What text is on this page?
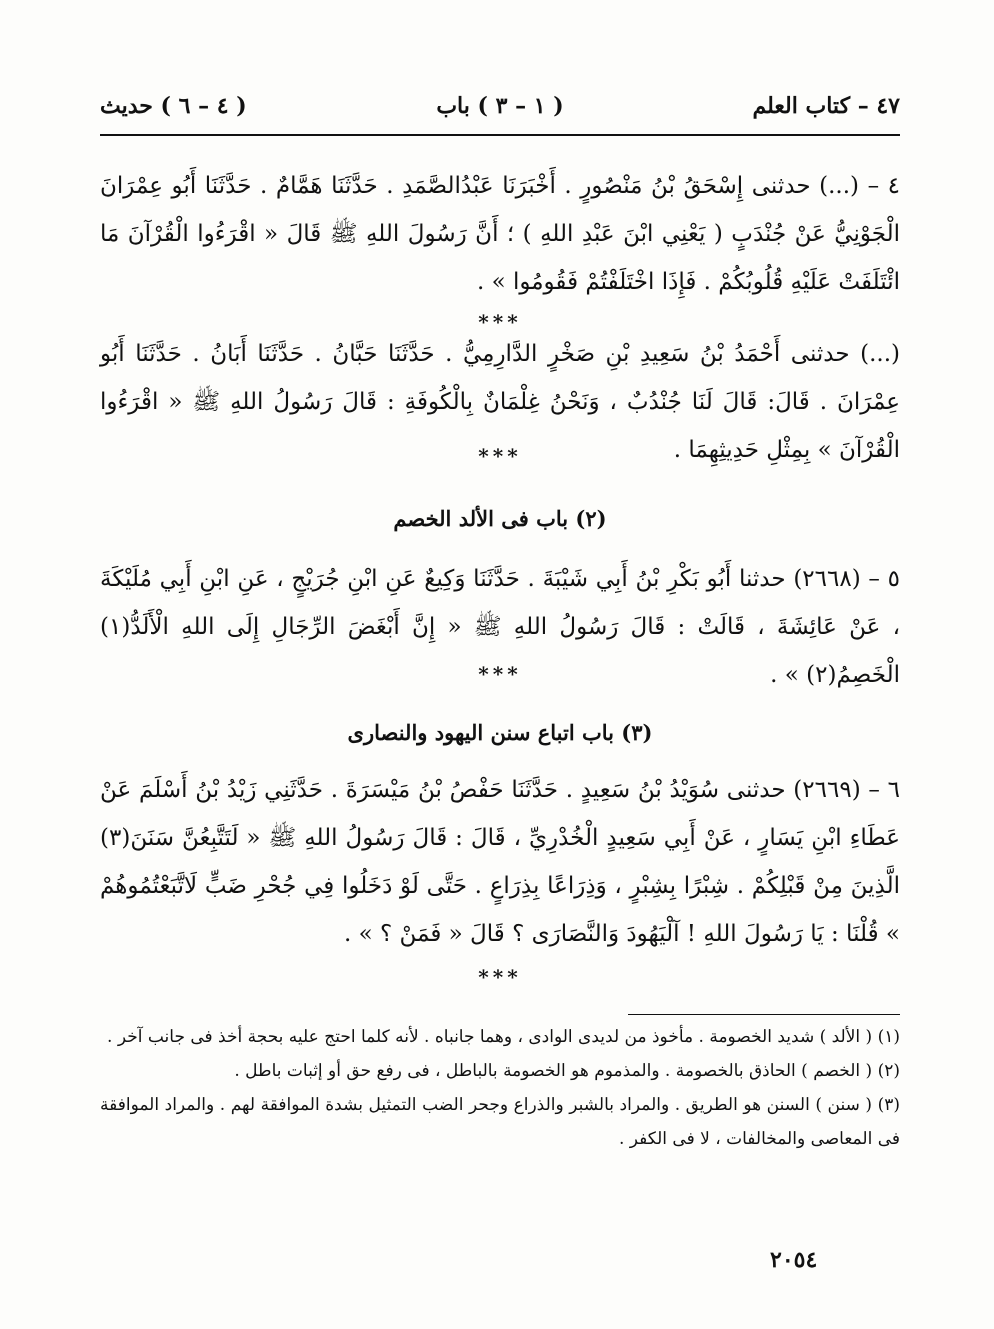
٤٧ – كتاب العلم
( ١ – ٣ ) باب
( ٤ – ٦ ) حديث
٤ – (...) حدثنى إِسْحَقُ بْنُ مَنْصُورٍ . أَخْبَرَنَا عَبْدُالصَّمَدِ . حَدَّثَنَا هَمَّامٌ . حَدَّثَنَا أَبُو عِمْرَانَ الْجَوْنِيُّ عَنْ جُنْدَبٍ ( يَعْنِي ابْنَ عَبْدِ اللهِ ) ؛ أَنَّ رَسُولَ اللهِ ﷺ قَالَ « اقْرَءُوا الْقُرْآنَ مَا ائْتَلَفَتْ عَلَيْهِ قُلُوبُكُمْ . فَإِذَا اخْتَلَفْتُمْ فَقُومُوا » .
***
(...) حدثنى أَحْمَدُ بْنُ سَعِيدِ بْنِ صَخْرٍ الدَّارِمِيُّ . حَدَّثَنَا حَبَّانُ . حَدَّثَنَا أَبَانُ . حَدَّثَنَا أَبُو عِمْرَانَ . قَالَ: قَالَ لَنَا جُنْدُبٌ ، وَنَحْنُ غِلْمَانٌ بِالْكُوفَةِ : قَالَ رَسُولُ اللهِ ﷺ « اقْرَءُوا الْقُرْآنَ » بِمِثْلِ حَدِيثِهِمَا .
***
(٢) باب فى الألد الخصم
٥ – (٢٦٦٨) حدثنا أَبُو بَكْرِ بْنُ أَبِي شَيْبَةَ . حَدَّثَنَا وَكِيعٌ عَنِ ابْنِ جُرَيْجٍ ، عَنِ ابْنِ أَبِي مُلَيْكَةَ ، عَنْ عَائِشَةَ ، قَالَتْ : قَالَ رَسُولُ اللهِ ﷺ « إِنَّ أَبْغَضَ الرِّجَالِ إِلَى اللهِ الْأَلَدُّ(١) الْخَصِمُ(٢) » .
***
(٣) باب اتباع سنن اليهود والنصارى
٦ – (٢٦٦٩) حدثنى سُوَيْدُ بْنُ سَعِيدٍ . حَدَّثَنَا حَفْصُ بْنُ مَيْسَرَةَ . حَدَّثَنِي زَيْدُ بْنُ أَسْلَمَ عَنْ عَطَاءِ ابْنِ يَسَارٍ ، عَنْ أَبِي سَعِيدٍ الْخُدْرِيِّ ، قَالَ : قَالَ رَسُولُ اللهِ ﷺ « لَتَتَّبِعُنَّ سَنَنَ(٣) الَّذِينَ مِنْ قَبْلِكُمْ . شِبْرًا بِشِبْرٍ ، وَذِرَاعًا بِذِرَاعٍ . حَتَّى لَوْ دَخَلُوا فِي جُحْرِ ضَبٍّ لَاتَّبَعْتُمُوهُمْ » قُلْنَا : يَا رَسُولَ اللهِ ! آلْيَهُودَ وَالنَّصَارَى ؟ قَالَ « فَمَنْ ؟ » .
***

(١) ( الألد ) شديد الخصومة . مأخوذ من لديدى الوادى ، وهما جانباه . لأنه كلما احتج عليه بحجة أخذ فى جانب آخر .

(٢) ( الخصم ) الحاذق بالخصومة . والمذموم هو الخصومة بالباطل ، فى رفع حق أو إثبات باطل .

(٣) ( سنن ) السنن هو الطريق . والمراد بالشبر والذراع وجحر الضب التمثيل بشدة الموافقة لهم . والمراد الموافقة فى المعاصى والمخالفات ، لا فى الكفر .

٢٠٥٤
